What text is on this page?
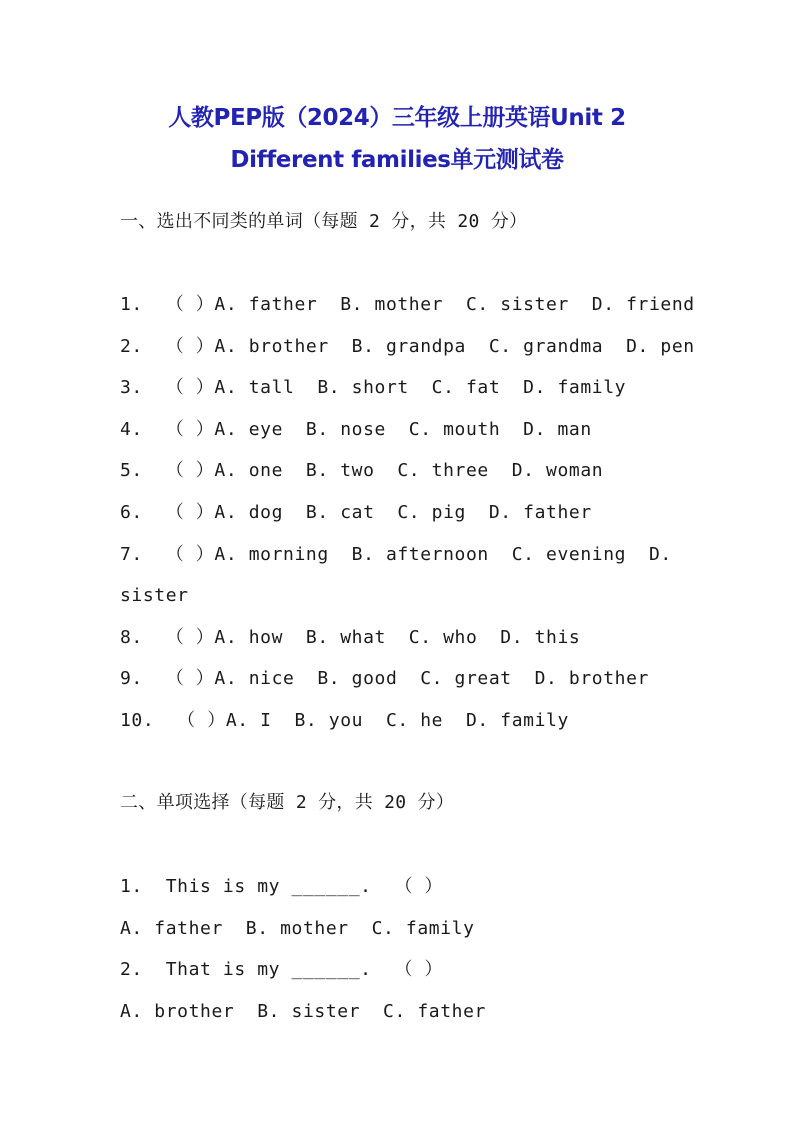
人教PEP版（2024）三年级上册英语Unit 2
Different families单元测试卷
一、选出不同类的单词（每题 2 分，共 20 分）
1.  （ ）A. father  B. mother  C. sister  D. friend
2.  （ ）A. brother  B. grandpa  C. grandma  D. pen
3.  （ ）A. tall  B. short  C. fat  D. family
4.  （ ）A. eye  B. nose  C. mouth  D. man
5.  （ ）A. one  B. two  C. three  D. woman
6.  （ ）A. dog  B. cat  C. pig  D. father
7.  （ ）A. morning  B. afternoon  C. evening  D.
sister
8.  （ ）A. how  B. what  C. who  D. this
9.  （ ）A. nice  B. good  C. great  D. brother
10.  （ ）A. I  B. you  C. he  D. family
二、单项选择（每题 2 分，共 20 分）
1.  This is my ______.  （ ）
A. father  B. mother  C. family
2.  That is my ______.  （ ）
A. brother  B. sister  C. father
